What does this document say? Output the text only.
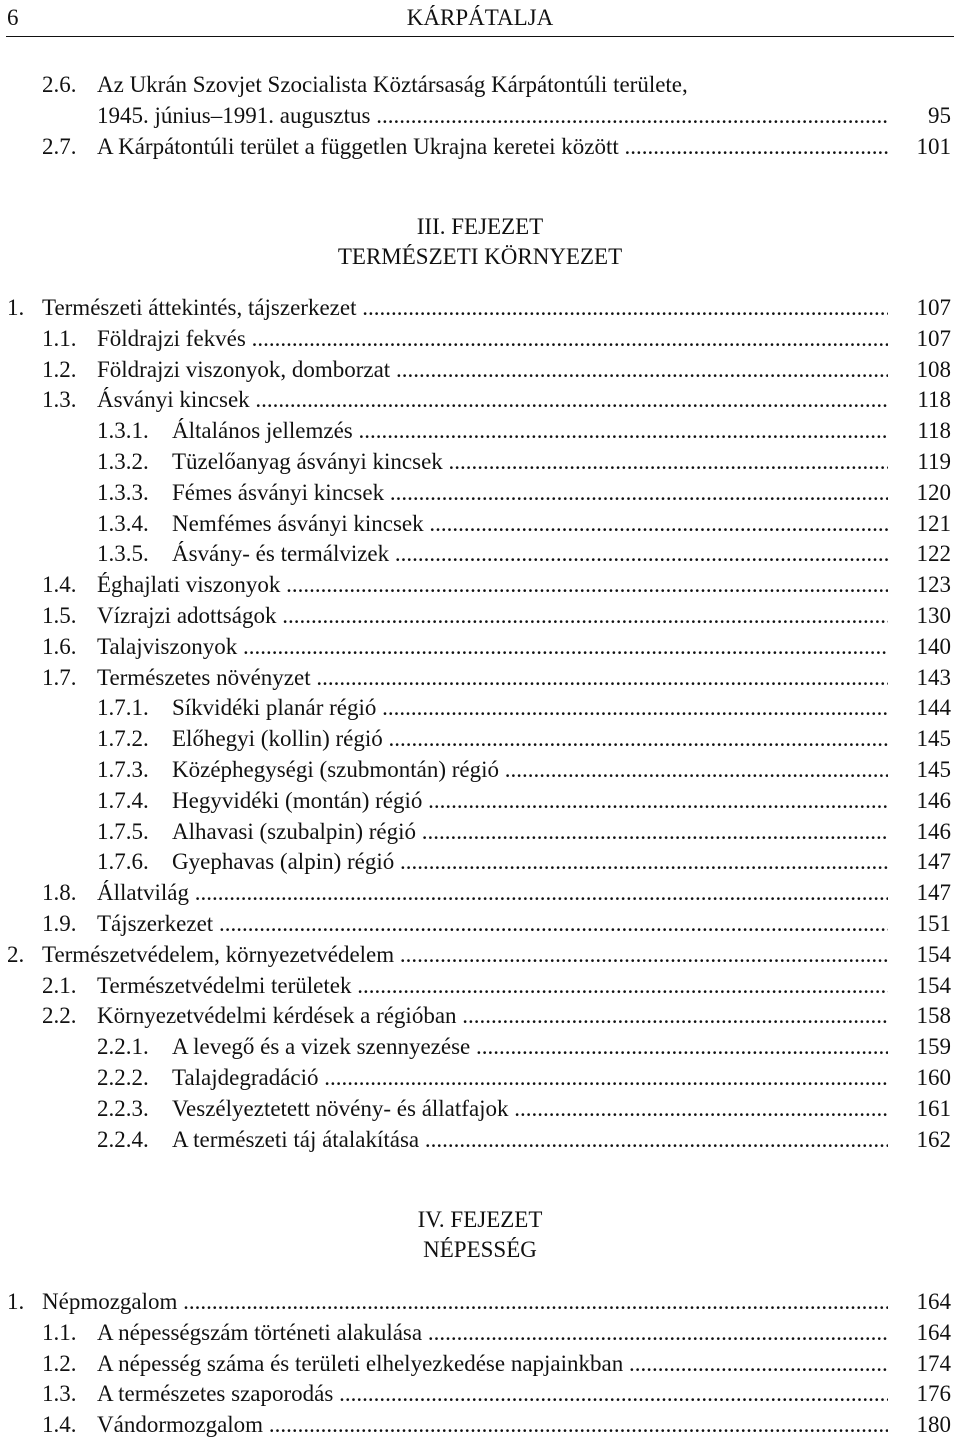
6	KÁRPÁTALJA
2.6. Az Ukrán Szovjet Szocialista Köztársaság Kárpátontúli területe,
1945. június–1991. augusztus .....	95
2.7. A Kárpátontúli terület a független Ukrajna keretei között .....	101
III. FEJEZET
TERMÉSZETI KÖRNYEZET
1. Természeti áttekintés, tájszerkezet .....	107
1.1. Földrajzi fekvés .....	107
1.2. Földrajzi viszonyok, domborzat .....	108
1.3. Ásványi kincsek .....	118
1.3.1. Általános jellemzés .....	118
1.3.2. Tüzelőanyag ásványi kincsek .....	119
1.3.3. Fémes ásványi kincsek .....	120
1.3.4. Nemfémes ásványi kincsek .....	121
1.3.5. Ásvány- és termálvizek .....	122
1.4. Éghajlati viszonyok .....	123
1.5. Vízrajzi adottságok .....	130
1.6. Talajviszonyok .....	140
1.7. Természetes növényzet .....	143
1.7.1. Síkvidéki planár régió .....	144
1.7.2. Előhegyi (kollin) régió .....	145
1.7.3. Középhegységi (szubmontán) régió .....	145
1.7.4. Hegyvidéki (montán) régió .....	146
1.7.5. Alhavasi (szubalpin) régió .....	146
1.7.6. Gyephavas (alpin) régió .....	147
1.8. Állatvilág .....	147
1.9. Tájszerkezet .....	151
2. Természetvédelem, környezetvédelem .....	154
2.1. Természetvédelmi területek .....	154
2.2. Környezetvédelmi kérdések a régióban .....	158
2.2.1. A levegő és a vizek szennyezése .....	159
2.2.2. Talajdegradáció .....	160
2.2.3. Veszélyeztetett növény- és állatfajok .....	161
2.2.4. A természeti táj átalakítása .....	162
IV. FEJEZET
NÉPESSÉG
1. Népmozgalom .....	164
1.1. A népességszám történeti alakulása .....	164
1.2. A népesség száma és területi elhelyezkedése napjainkban .....	174
1.3. A természetes szaporodás .....	176
1.4. Vándormozgalom .....	180
